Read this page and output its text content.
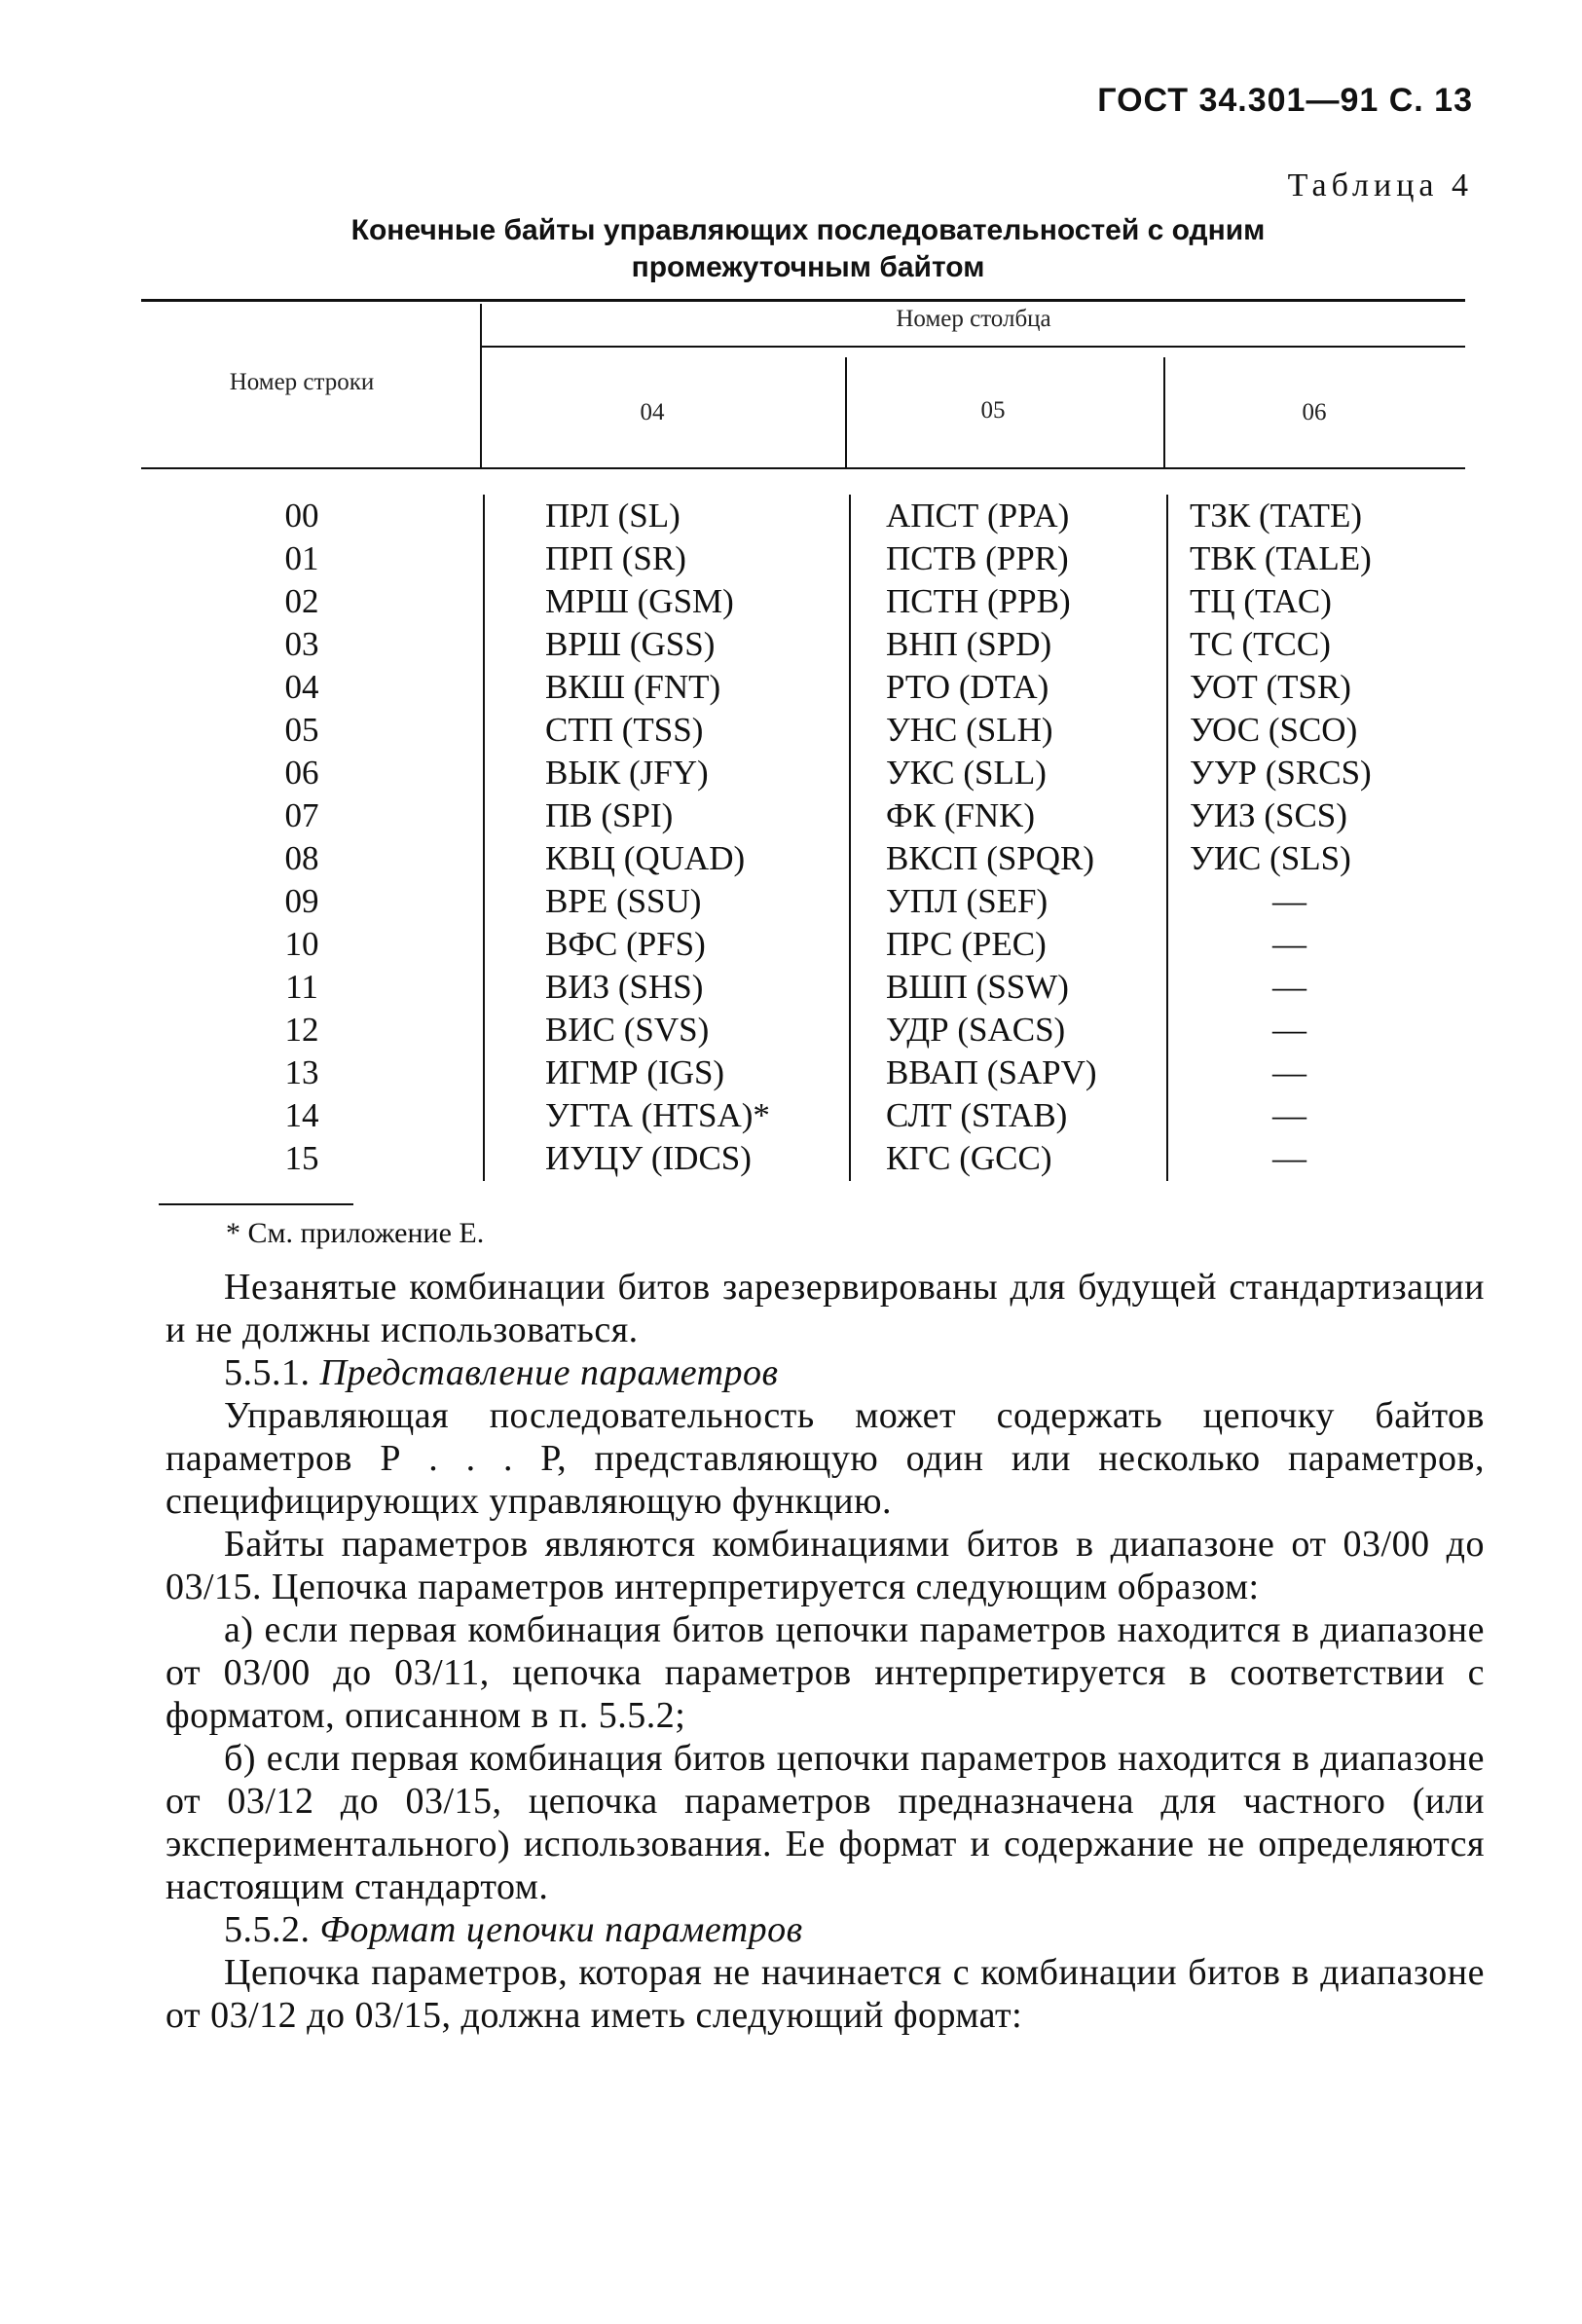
ГОСТ 34.301—91 С. 13
Таблица 4
Конечные байты управляющих последовательностей с одним
промежуточным байтом
Номер строки
Номер столбца
04	05	06
00	ПРЛ (SL)	АПСТ (PPA)	ТЗК (TATE)
01	ПРП (SR)	ПСТВ (PPR)	ТВК (TALE)
02	МРШ (GSM)	ПСТН (PPB)	ТЦ (TAC)
03	ВРШ (GSS)	ВНП (SPD)	ТС (TCC)
04	ВКШ (FNT)	РТО (DTA)	УОТ (TSR)
05	СТП (TSS)	УНС (SLH)	УОС (SCO)
06	ВЫК (JFY)	УКС (SLL)	УУР (SRCS)
07	ПВ (SPI)	ФК (FNK)	УИЗ (SCS)
08	КВЦ (QUAD)	ВКСП (SPQR)	УИС (SLS)
09	ВРЕ (SSU)	УПЛ (SEF)	—
10	ВФС (PFS)	ПРС (PEC)	—
11	ВИЗ (SHS)	ВШП (SSW)	—
12	ВИС (SVS)	УДР (SACS)	—
13	ИГМР (IGS)	ВВАП (SAPV)	—
14	УГТА (HTSA)*	СЛТ (STAB)	—
15	ИУЦУ (IDCS)	КГС (GCC)	—
* См. приложение Е.

Незанятые комбинации битов зарезервированы для будущей стандартизации и не должны использоваться.

5.5.1. Представление параметров

Управляющая последовательность может содержать цепочку байтов параметров Р . . . Р, представляющую один или несколько параметров, специфицирующих управляющую функцию.

Байты параметров являются комбинациями битов в диапазоне от 03/00 до 03/15. Цепочка параметров интерпретируется следующим образом:

а) если первая комбинация битов цепочки параметров находится в диапазоне от 03/00 до 03/11, цепочка параметров интерпретируется в соответствии с форматом, описанном в п. 5.5.2;

б) если первая комбинация битов цепочки параметров находится в диапазоне от 03/12 до 03/15, цепочка параметров предназначена для частного (или экспериментального) использования. Ее формат и содержание не определяются настоящим стандартом.

5.5.2. Формат цепочки параметров

Цепочка параметров, которая не начинается с комбинации битов в диапазоне от 03/12 до 03/15, должна иметь следующий формат:
